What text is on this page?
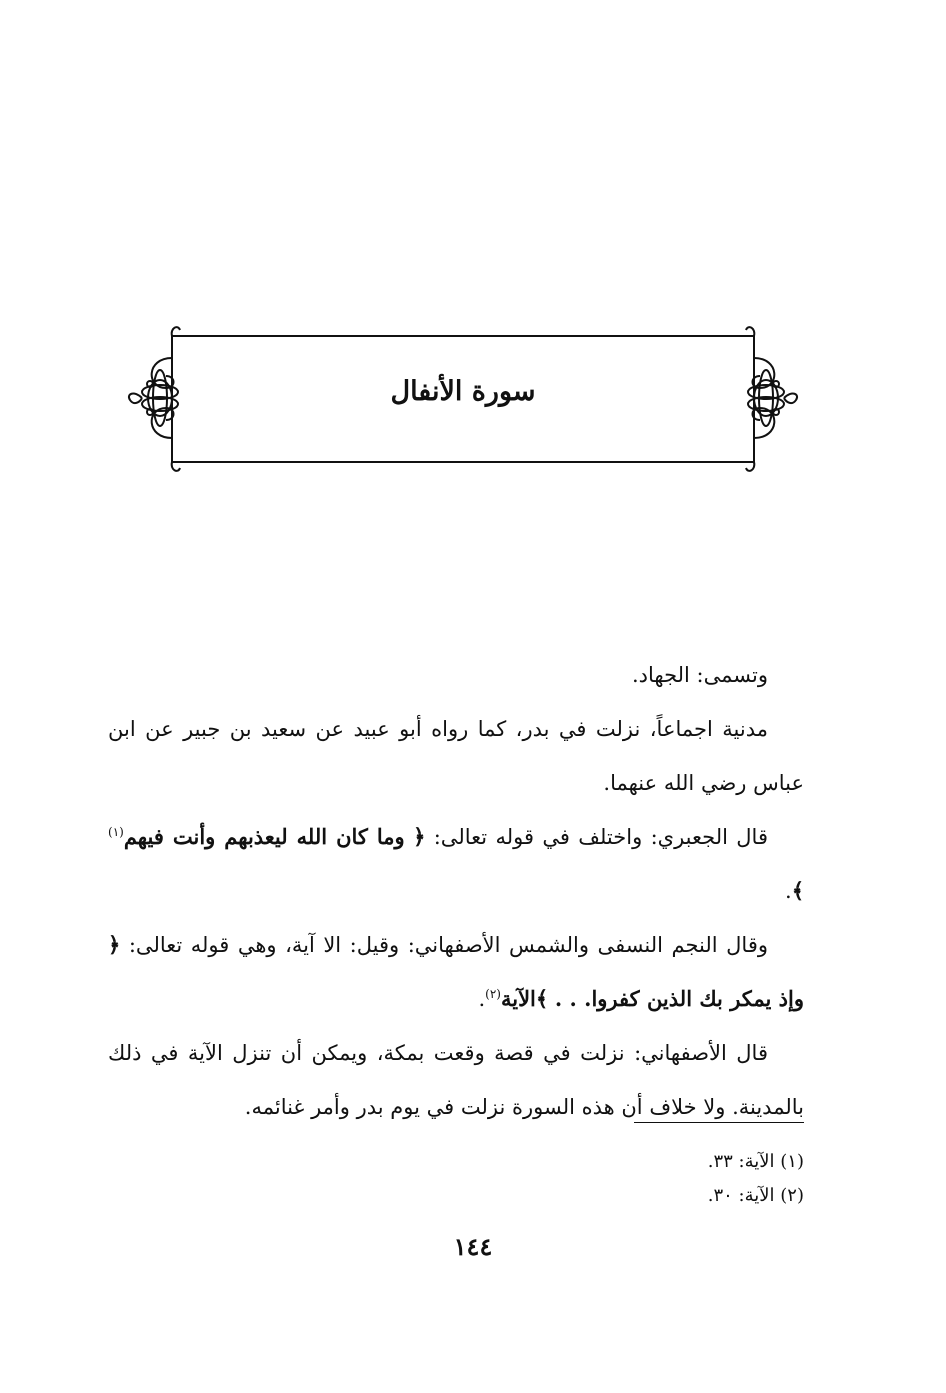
سورة الأنفال

وتسمى: الجهاد.

مدنية اجماعاً، نزلت في بدر، كما رواه أبو عبيد عن سعيد بن جبير عن ابن عباس رضي الله عنهما.

قال الجعبري: واختلف في قوله تعالى: ﴿ وما كان الله ليعذبهم وأنت فيهم$^{(١)}$ ﴾.

وقال النجم النسفى والشمس الأصفهاني: وقيل: الا آية، وهي قوله تعالى: ﴿ وإذ يمكر بك الذين كفروا. . . ﴾الآية$^{(٢)}$.

قال الأصفهاني: نزلت في قصة وقعت بمكة، ويمكن أن تنزل الآية في ذلك بالمدينة. ولا خلاف أن هذه السورة نزلت في يوم بدر وأمر غنائمه.

(١) الآية: ٣٣.
(٢) الآية: ٣٠.
١٤٤
